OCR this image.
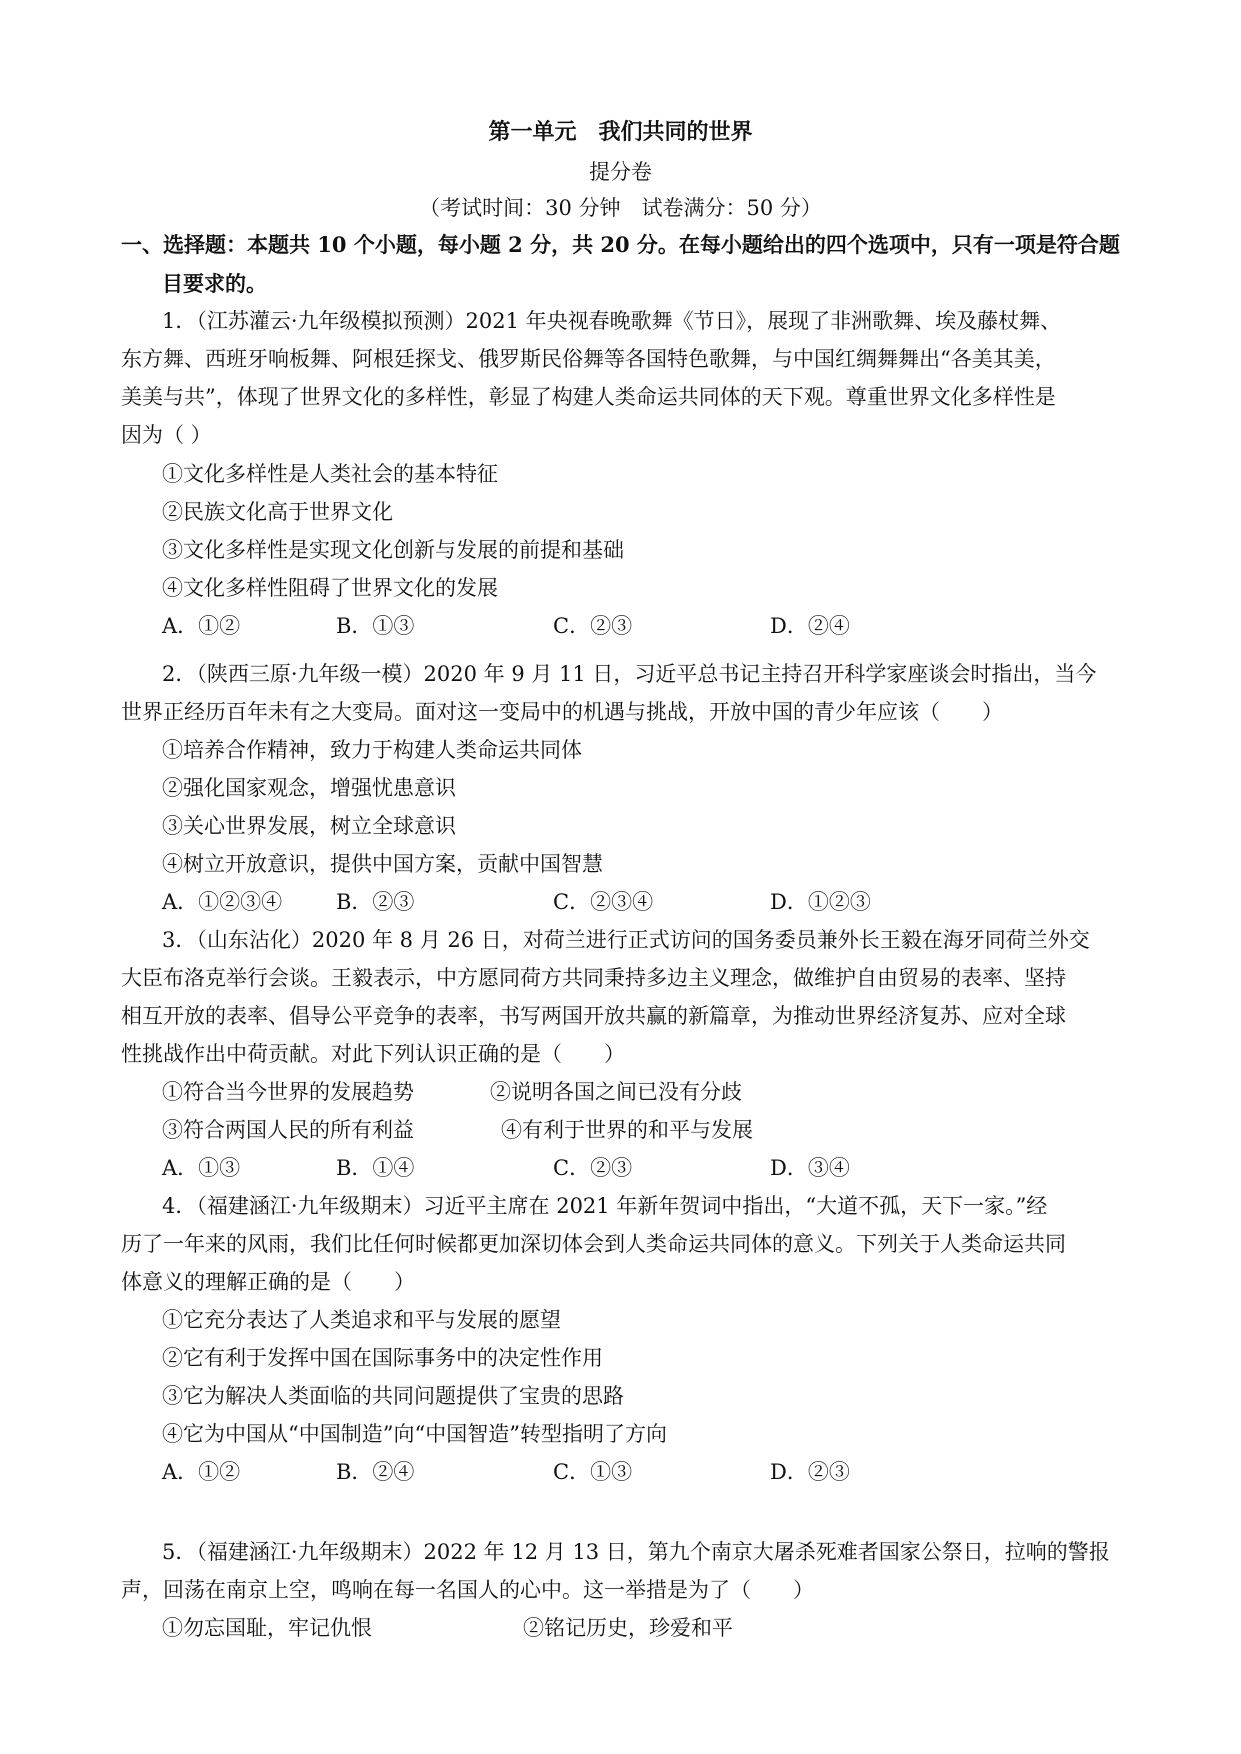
第一单元　我们共同的世界
提分卷
（考试时间：30 分钟　试卷满分：50 分）
一、选择题：本题共 10 个小题，每小题 2 分，共 20 分。在每小题给出的四个选项中，只有一项是符合题
目要求的。
1．（江苏灌云·九年级模拟预测）2021 年央视春晚歌舞《节日》，展现了非洲歌舞、埃及藤杖舞、
东方舞、西班牙响板舞、阿根廷探戈、俄罗斯民俗舞等各国特色歌舞，与中国红绸舞舞出“各美其美，
美美与共”，体现了世界文化的多样性，彰显了构建人类命运共同体的天下观。尊重世界文化多样性是
因为（ ）
①文化多样性是人类社会的基本特征
②民族文化高于世界文化
③文化多样性是实现文化创新与发展的前提和基础
④文化多样性阻碍了世界文化的发展
A．①②	B．①③	C．②③	D．②④
2．（陕西三原·九年级一模）2020 年 9 月 11 日，习近平总书记主持召开科学家座谈会时指出，当今
世界正经历百年未有之大变局。面对这一变局中的机遇与挑战，开放中国的青少年应该（　　）
①培养合作精神，致力于构建人类命运共同体
②强化国家观念，增强忧患意识
③关心世界发展，树立全球意识
④树立开放意识，提供中国方案，贡献中国智慧
A．①②③④	B．②③	C．②③④	D．①②③
3．（山东沾化）2020 年 8 月 26 日，对荷兰进行正式访问的国务委员兼外长王毅在海牙同荷兰外交
大臣布洛克举行会谈。王毅表示，中方愿同荷方共同秉持多边主义理念，做维护自由贸易的表率、坚持
相互开放的表率、倡导公平竞争的表率，书写两国开放共赢的新篇章，为推动世界经济复苏、应对全球
性挑战作出中荷贡献。对此下列认识正确的是（　　）
①符合当今世界的发展趋势	②说明各国之间已没有分歧
③符合两国人民的所有利益	④有利于世界的和平与发展
A．①③	B．①④	C．②③	D．③④
4．（福建涵江·九年级期末）习近平主席在 2021 年新年贺词中指出，“大道不孤，天下一家。”经
历了一年来的风雨，我们比任何时候都更加深切体会到人类命运共同体的意义。下列关于人类命运共同
体意义的理解正确的是（　　）
①它充分表达了人类追求和平与发展的愿望
②它有利于发挥中国在国际事务中的决定性作用
③它为解决人类面临的共同问题提供了宝贵的思路
④它为中国从“中国制造”向“中国智造”转型指明了方向
A．①②	B．②④	C．①③	D．②③
5．（福建涵江·九年级期末）2022 年 12 月 13 日，第九个南京大屠杀死难者国家公祭日，拉响的警报
声，回荡在南京上空，鸣响在每一名国人的心中。这一举措是为了（　　）
①勿忘国耻，牢记仇恨	②铭记历史，珍爱和平
